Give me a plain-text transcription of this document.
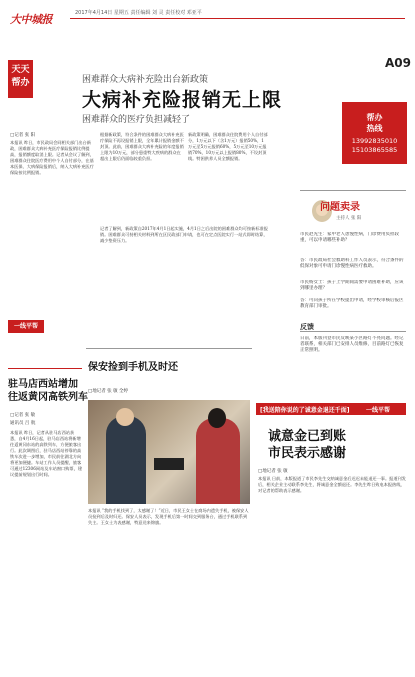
大中城报	2017年4月14日 星期五 责任编辑 刘 灵 责任校对 邓亚平
A09
天天
帮办	困难群众大病补充险出台新政策
大病补充险报销无上限
困难群众的医疗负担减轻了	帮办
热线
13992835010
15103865585
□记者 张 阳
本报讯 昨日，市民政局会同相关部门出台新政，困难群众大病补充医疗保险报销比例提高，报销额度取消上限。记者从会议了解到，困难群众住院医疗费用中个人自付部分，在基本医保、大病保险报销后，纳入大病补充医疗保险按比例报销。
根据新政策，符合条件的困难群众大病补充医疗保险不再设报销上限，全年累计报销金额不封顶。此前，困难群众大病补充险的年度报销上限为10万元，部分患重特大疾病的群众在超出上限后仍面临较重负担。
新政策明确，困难群众住院费用个人自付部分，1万元以下（含1万元）报销50%，1万元至5万元报销60%，5万元至10万元报销70%，10万元以上报销80%，不设封顶线。特困供养人员全额报销。
记者了解到，新政策自2017年4月1日起实施，4月1日之后出院的困难群众均可按新标准报销。困难群众可持相关材料到所在区民政部门申请，也可在定点医院实行一站式即时结算，减少垫资压力。
问题卖录
主持人 张 阳
市民赵先生：家中老人患慢性病，门诊费用负担较重，可以申请哪些补助？
答：市民政局社会救助科工作人员表示，符合条件的低保对象可申请门诊慢性病医疗救助。
市民杨女士：孩子上学期间需要申请困难补助，应该到哪里办理？
答：可向孩子所在学校提出申请，经学校审核后报区教育部门审批。
反馈
日前，本版刊登市民反映某小区路灯不亮问题。经记者联系，相关部门已安排人员维修，目前路灯已恢复正常照明。
一线平帮
驻马店西站增加
往返黄冈高铁列车
□记者 张 敏
通讯员 吕 航
本报讯 昨日，记者从驻马店西站获悉，自4月16日起，驻马店西站将新增往返黄冈东站的高铁列车，方便旅客出行。此次调图后，驻马店西站停靠的高铁车次进一步增加，市民前往湖北方向将更加便捷。车站工作人员提醒，旅客可通过12306网站及车站窗口购票，建议提前规划出行时间。
保安捡到手机及时还
□地记者 张 敏 全婷
本报讯 “我的手机找到了，太感谢了！”近日，市民王女士在商场内遗失手机，被保安人员捡到后及时归还。保安人员表示，发现手机后第一时间交到服务台，通过手机联系到失主。王女士为表感谢，特意送来锦旗。
[我送陪你说的了诚意金退还千面]	一线平帮
诚意金已到账
市民表示感谢
□地记者 张 敏
本报讯 日前，本版报道了市民李先生交纳诚意金后迟迟未能退还一事。报道刊发后，相关企业主动联系李先生，将诚意金全额退还。李先生昨日致电本报热线，对记者的帮助表示感谢。
